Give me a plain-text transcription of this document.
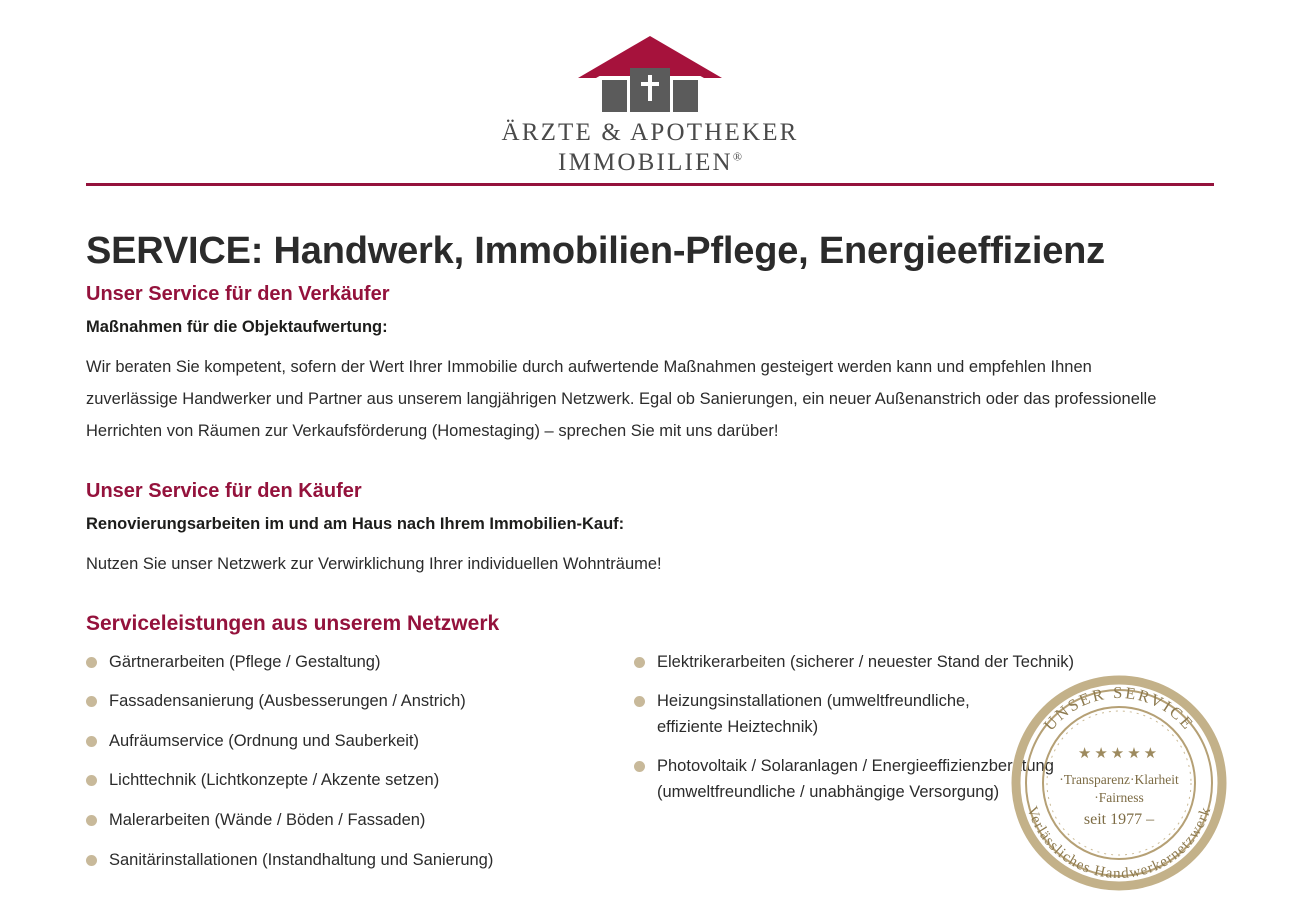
ÄRZTE & APOTHEKER
IMMOBILIEN®
SERVICE: Handwerk, Immobilien-Pflege, Energieeffizienz
Unser Service für den Verkäufer

Maßnahmen für die Objektaufwertung:

Wir beraten Sie kompetent, sofern der Wert Ihrer Immobilie durch aufwertende Maßnahmen gesteigert werden kann und empfehlen Ihnen zuverlässige Handwerker und Partner aus unserem langjährigen Netzwerk. Egal ob Sanierungen, ein neuer Außenanstrich oder das professionelle Herrichten von Räumen zur Verkaufsförderung (Homestaging) – sprechen Sie mit uns darüber!

Unser Service für den Käufer

Renovierungsarbeiten im und am Haus nach Ihrem Immobilien-Kauf:

Nutzen Sie unser Netzwerk zur Verwirklichung Ihrer individuellen Wohnträume!

Serviceleistungen aus unserem Netzwerk
Gärtnerarbeiten (Pflege / Gestaltung)
Fassadensanierung (Ausbesserungen / Anstrich)
Aufräumservice (Ordnung und Sauberkeit)
Lichttechnik (Lichtkonzepte / Akzente setzen)
Malerarbeiten (Wände / Böden / Fassaden)
Sanitärinstallationen (Instandhaltung und Sanierung)
Elektrikerarbeiten (sicherer / neuester Stand der Technik)
Heizungsinstallationen (umweltfreundliche,
effiziente Heiztechnik)
Photovoltaik / Solaranlagen / Energieeffizienzberatung
(umweltfreundliche / unabhängige Versorgung)
UNSER SERVICE
Verlässliches Handwerkernetzwerk
★★★★★
·Transparenz·Klarheit
·Fairness
seit 1977 –
